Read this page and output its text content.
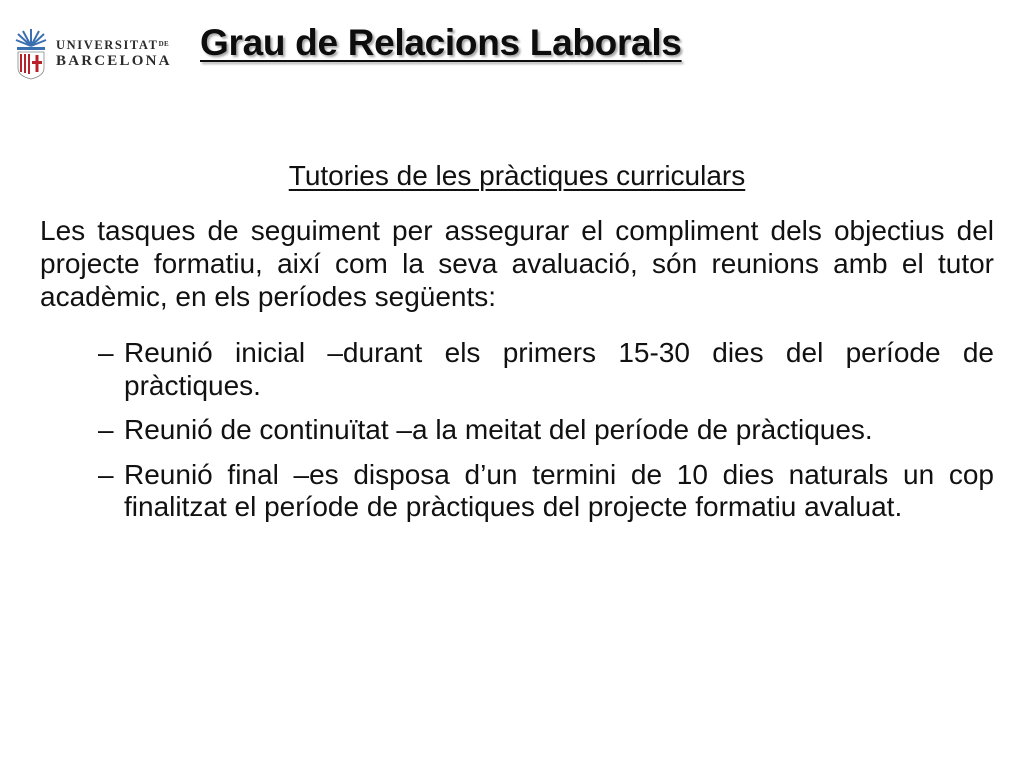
$UNIVERSITAT^{DE}$
BARCELONA Grau de Relacions Laborals
Tutories de les pràctiques curriculars

Les tasques de seguiment per assegurar el compliment dels objectius del projecte formatiu, així com la seva avaluació, són reunions amb el tutor acadèmic, en els períodes següents:

– Reunió inicial –durant els primers 15-30 dies del període de pràctiques.
– Reunió de continuïtat –a la meitat del període de pràctiques.
– Reunió final –es disposa d’un termini de 10 dies naturals un cop finalitzat el període de pràctiques del projecte formatiu avaluat.
